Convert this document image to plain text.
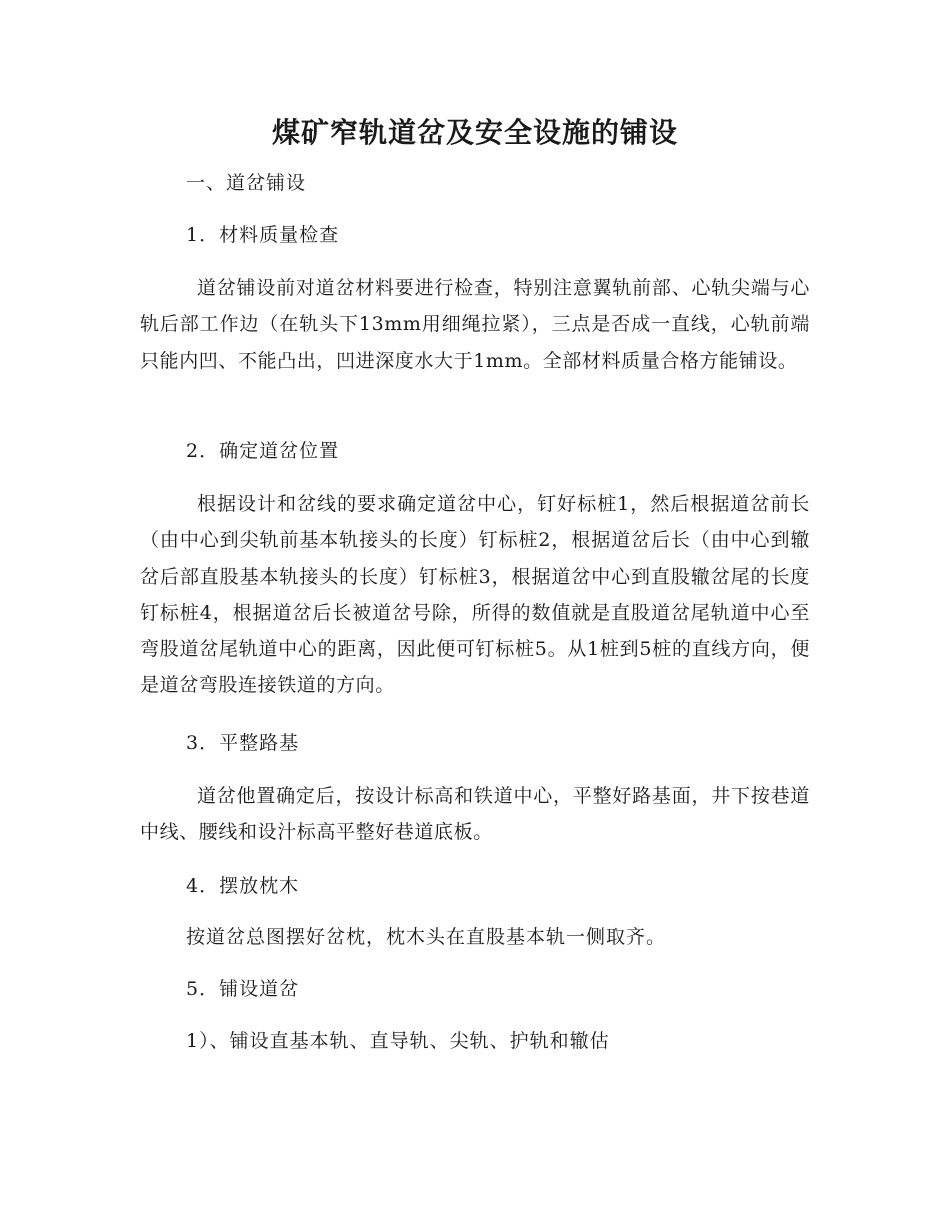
煤矿窄轨道岔及安全设施的铺设
一、道岔铺设
1．材料质量检查
道岔铺设前对道岔材料要进行检查，特别注意翼轨前部、心轨尖端与心轨后部工作边（在轨头下13mm用细绳拉紧），三点是否成一直线，心轨前端只能内凹、不能凸出，凹进深度水大于1mm。全部材料质量合格方能铺设。
2．确定道岔位置
根据设计和岔线的要求确定道岔中心，钉好标桩1，然后根据道岔前长（由中心到尖轨前基本轨接头的长度）钉标桩2，根据道岔后长（由中心到辙岔后部直股基本轨接头的长度）钉标桩3，根据道岔中心到直股辙岔尾的长度钉标桩4，根据道岔后长被道岔号除，所得的数值就是直股道岔尾轨道中心至弯股道岔尾轨道中心的距离，因此便可钉标桩5。从1桩到5桩的直线方向，便是道岔弯股连接铁道的方向。
3．平整路基
道岔他置确定后，按设计标高和铁道中心，平整好路基面，井下按巷道中线、腰线和设汁标高平整好巷道底板。
4．摆放枕木
按道岔总图摆好岔枕，枕木头在直股基本轨一侧取齐。
5．铺设道岔
1）、铺设直基本轨、直导轨、尖轨、护轨和辙估
